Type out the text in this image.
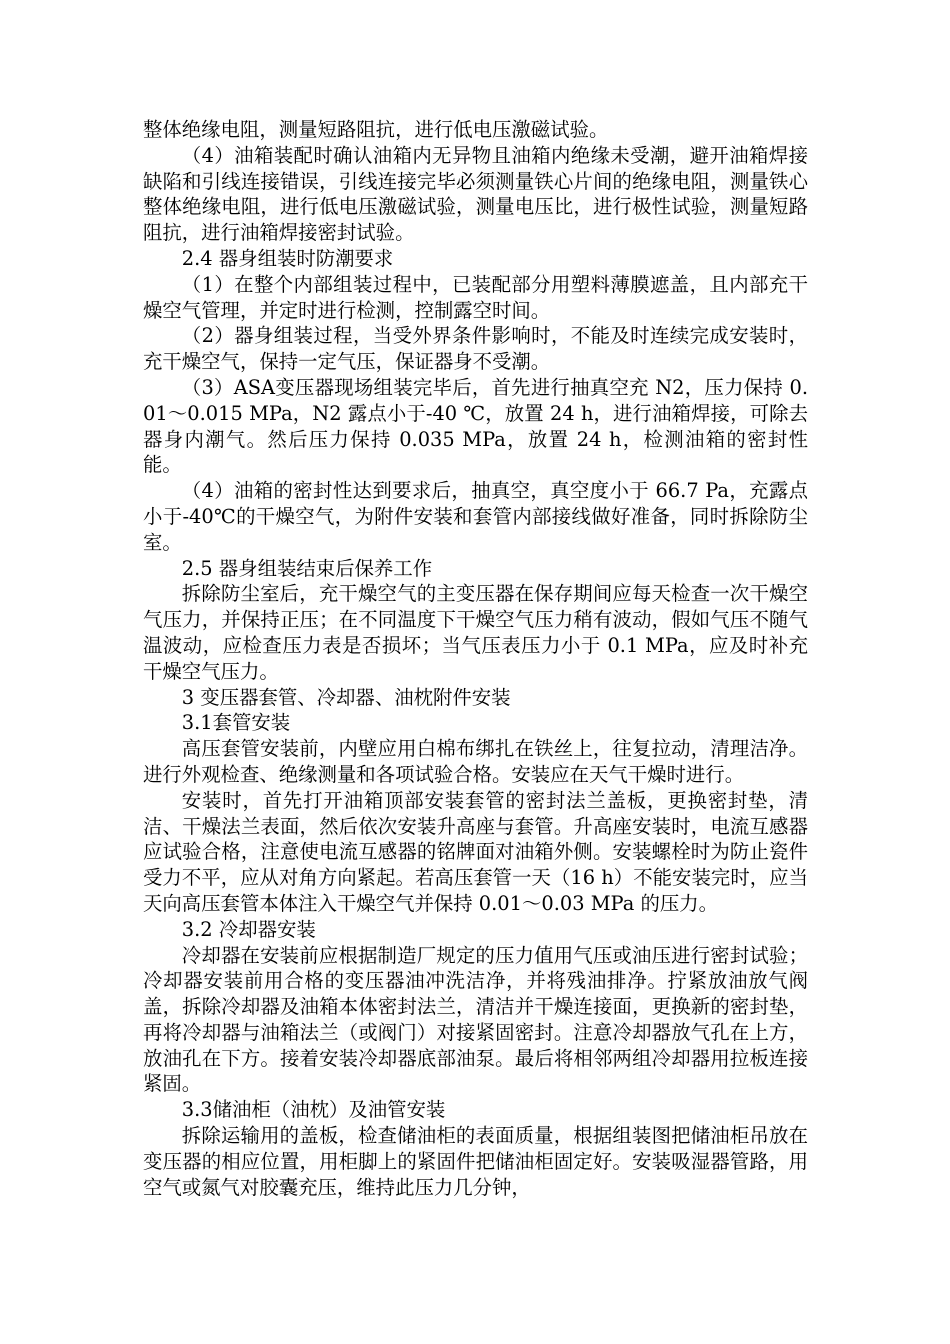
整体绝缘电阻，测量短路阻抗，进行低电压激磁试验。

（4）油箱装配时确认油箱内无异物且油箱内绝缘未受潮，避开油箱焊接缺陷和引线连接错误，引线连接完毕必须测量铁心片间的绝缘电阻，测量铁心整体绝缘电阻，进行低电压激磁试验，测量电压比，进行极性试验，测量短路阻抗，进行油箱焊接密封试验。

2.4 器身组装时防潮要求

（1）在整个内部组装过程中，已装配部分用塑料薄膜遮盖，且内部充干燥空气管理，并定时进行检测，控制露空时间。

（2）器身组装过程，当受外界条件影响时，不能及时连续完成安装时，充干燥空气，保持一定气压，保证器身不受潮。

（3）ASA变压器现场组装完毕后，首先进行抽真空充 N2，压力保持 0.01～0.015 MPa，N2 露点小于-40 ℃，放置 24 h，进行油箱焊接，可除去器身内潮气。然后压力保持 0.035 MPa，放置 24 h，检测油箱的密封性能。

（4）油箱的密封性达到要求后，抽真空，真空度小于 66.7 Pa，充露点小于-40℃的干燥空气，为附件安装和套管内部接线做好准备，同时拆除防尘室。

2.5 器身组装结束后保养工作

拆除防尘室后，充干燥空气的主变压器在保存期间应每天检查一次干燥空气压力，并保持正压；在不同温度下干燥空气压力稍有波动，假如气压不随气温波动，应检查压力表是否损坏；当气压表压力小于 0.1 MPa，应及时补充干燥空气压力。

3 变压器套管、冷却器、油枕附件安装

3.1套管安装

高压套管安装前，内壁应用白棉布绑扎在铁丝上，往复拉动，清理洁净。进行外观检查、绝缘测量和各项试验合格。安装应在天气干燥时进行。

安装时，首先打开油箱顶部安装套管的密封法兰盖板，更换密封垫，清洁、干燥法兰表面，然后依次安装升高座与套管。升高座安装时，电流互感器应试验合格，注意使电流互感器的铭牌面对油箱外侧。安装螺栓时为防止瓷件受力不平，应从对角方向紧起。若高压套管一天（16 h）不能安装完时，应当天向高压套管本体注入干燥空气并保持 0.01～0.03 MPa 的压力。

3.2 冷却器安装

冷却器在安装前应根据制造厂规定的压力值用气压或油压进行密封试验；冷却器安装前用合格的变压器油冲洗洁净，并将残油排净。拧紧放油放气阀盖，拆除冷却器及油箱本体密封法兰，清洁并干燥连接面，更换新的密封垫，再将冷却器与油箱法兰（或阀门）对接紧固密封。注意冷却器放气孔在上方，放油孔在下方。接着安装冷却器底部油泵。最后将相邻两组冷却器用拉板连接紧固。

3.3储油柜（油枕）及油管安装

拆除运输用的盖板，检查储油柜的表面质量，根据组装图把储油柜吊放在变压器的相应位置，用柜脚上的紧固件把储油柜固定好。安装吸湿器管路，用空气或氮气对胶囊充压，维持此压力几分钟，
